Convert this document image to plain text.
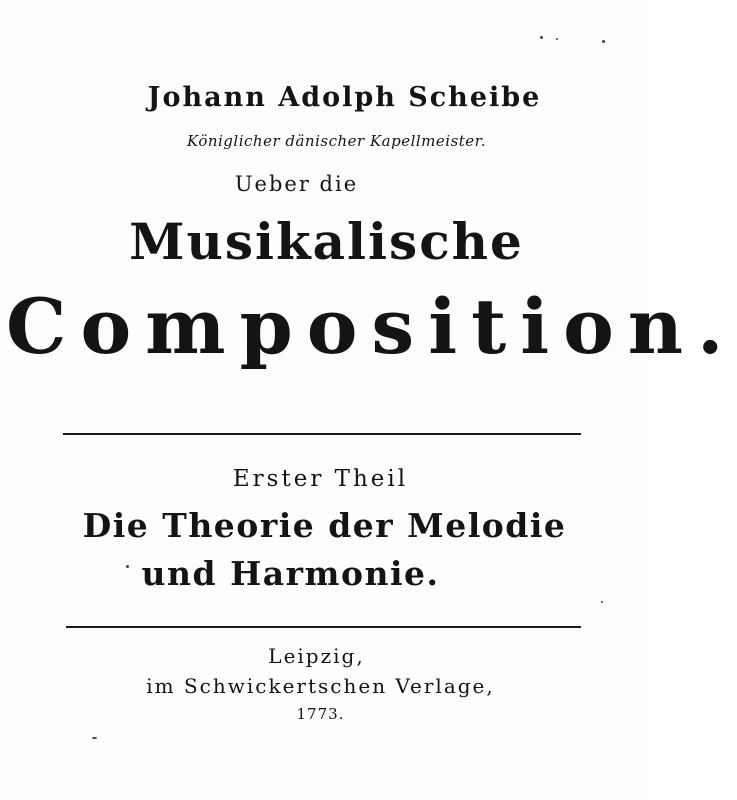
Johann Adolph Scheibe
Königlicher dänischer Kapellmeister.
Ueber die
Musikalische
Composition.
Erster Theil
Die Theorie der Melodie
und Harmonie.
Leipzig,
im Schwickertschen Verlage,
1773.
